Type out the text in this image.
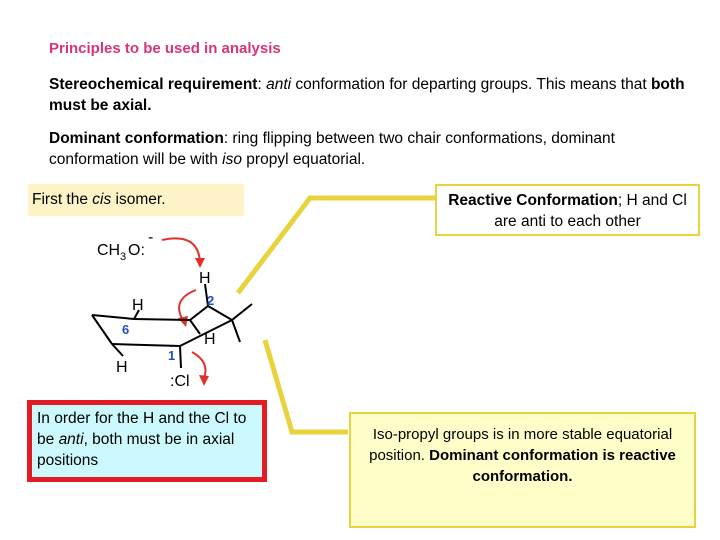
Principles to be used in analysis
Stereochemical requirement: anti conformation for departing groups. This means that both must be axial.
Dominant conformation: ring flipping between two chair conformations, dominant conformation will be with iso propyl equatorial.
CH 3 O:
-
H
H
H
H
:Cl
2
6
1
First the cis isomer.	Reactive Conformation; H and Cl are anti to each other
In order for the H and the Cl to be anti, both must be in axial positions
Iso-propyl groups is in more stable equatorial position. Dominant conformation is reactive conformation.
